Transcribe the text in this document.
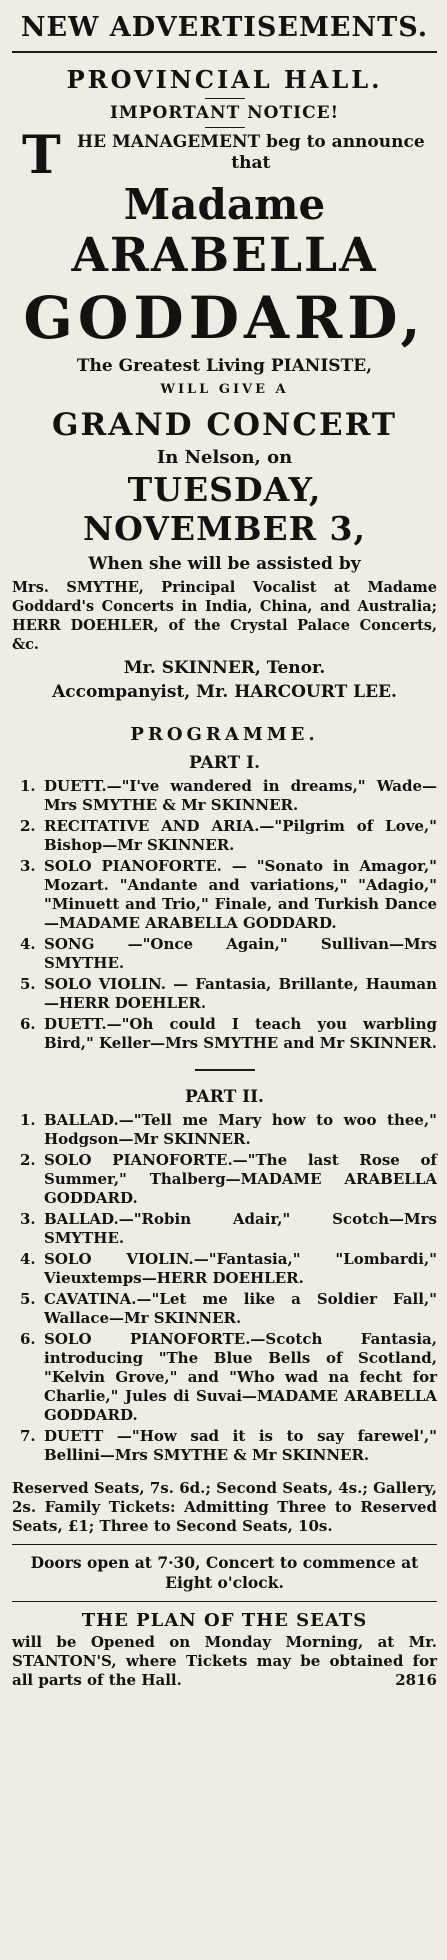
NEW ADVERTISEMENTS.
PROVINCIAL HALL.
IMPORTANT NOTICE!
T HE MANAGEMENT beg to announce
that
Madame
ARABELLA
GODDARD,
The Greatest Living PIANISTE,
WILL GIVE A
GRAND CONCERT
In Nelson, on
TUESDAY, NOVEMBER 3,
When she will be assisted by
Mrs. SMYTHE, Principal Vocalist at Madame Goddard's Concerts in India, China, and Australia; HERR DOEHLER, of the Crystal Palace Concerts, &c.
Mr. SKINNER, Tenor.
Accompanyist, Mr. HARCOURT LEE.
PROGRAMME.
PART I.
1. DUETT.—"I've wandered in dreams," Wade—Mrs SMYTHE & Mr SKINNER.
2. RECITATIVE AND ARIA.—"Pilgrim of Love," Bishop—Mr SKINNER.
3. SOLO PIANOFORTE. — "Sonato in Amagor," Mozart. "Andante and variations," "Adagio," "Minuett and Trio," Finale, and Turkish Dance—MADAME ARABELLA GODDARD.
4. SONG —"Once Again," Sullivan—Mrs SMYTHE.
5. SOLO VIOLIN. — Fantasia, Brillante, Hauman—HERR DOEHLER.
6. DUETT.—"Oh could I teach you warbling Bird," Keller—Mrs SMYTHE and Mr SKINNER.
PART II.
1. BALLAD.—"Tell me Mary how to woo thee," Hodgson—Mr SKINNER.
2. SOLO PIANOFORTE.—"The last Rose of Summer," Thalberg—MADAME ARABELLA GODDARD.
3. BALLAD.—"Robin Adair," Scotch—Mrs SMYTHE.
4. SOLO VIOLIN.—"Fantasia," "Lombardi," Vieuxtemps—HERR DOEHLER.
5. CAVATINA.—"Let me like a Soldier Fall," Wallace—Mr SKINNER.
6. SOLO PIANOFORTE.—Scotch Fantasia, introducing "The Blue Bells of Scotland, "Kelvin Grove," and "Who wad na fecht for Charlie," Jules di Suvai—MADAME ARABELLA GODDARD.
7. DUETT —"How sad it is to say farewel'," Bellini—Mrs SMYTHE & Mr SKINNER.
Reserved Seats, 7s. 6d.; Second Seats, 4s.; Gallery, 2s. Family Tickets: Admitting Three to Reserved Seats, £1; Three to Second Seats, 10s.
Doors open at 7·30, Concert to commence at Eight o'clock.
THE PLAN OF THE SEATS
will be Opened on Monday Morning, at Mr. STANTON'S, where Tickets may be obtained for all parts of the Hall.	2816
